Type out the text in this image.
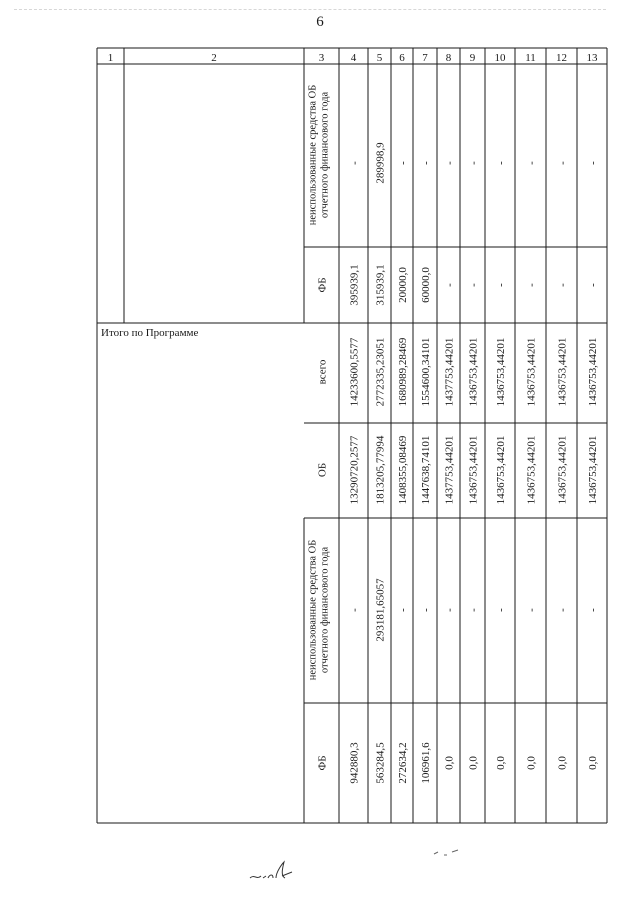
6
1	2	3 4 5 6 7 8 9 10 11 12 13
Итого по Программе
неиспользованные средства ОБотчетного финансового года
ФБ
-
395939,1
289998,9
315939,1
-
20000,0
-
60000,0
-
-
-
-
-
-
-
-
-
-
-
-
всего
ОБ
неиспользованные средства ОБотчетного финансового года
ФБ
14233600,5577
13290720,2577
-
942880,3
2772335,23051
1813205,77994
293181,65057
563284,5
1680989,28469
1408355,08469
-
272634,2
1554600,34101
1447638,74101
-
106961,6
1437753,44201
1437753,44201
-
0,0
1436753,44201
1436753,44201
-
0,0
1436753,44201
1436753,44201
-
0,0
1436753,44201
1436753,44201
-
0,0
1436753,44201
1436753,44201
-
0,0
1436753,44201
1436753,44201
-
0,0
